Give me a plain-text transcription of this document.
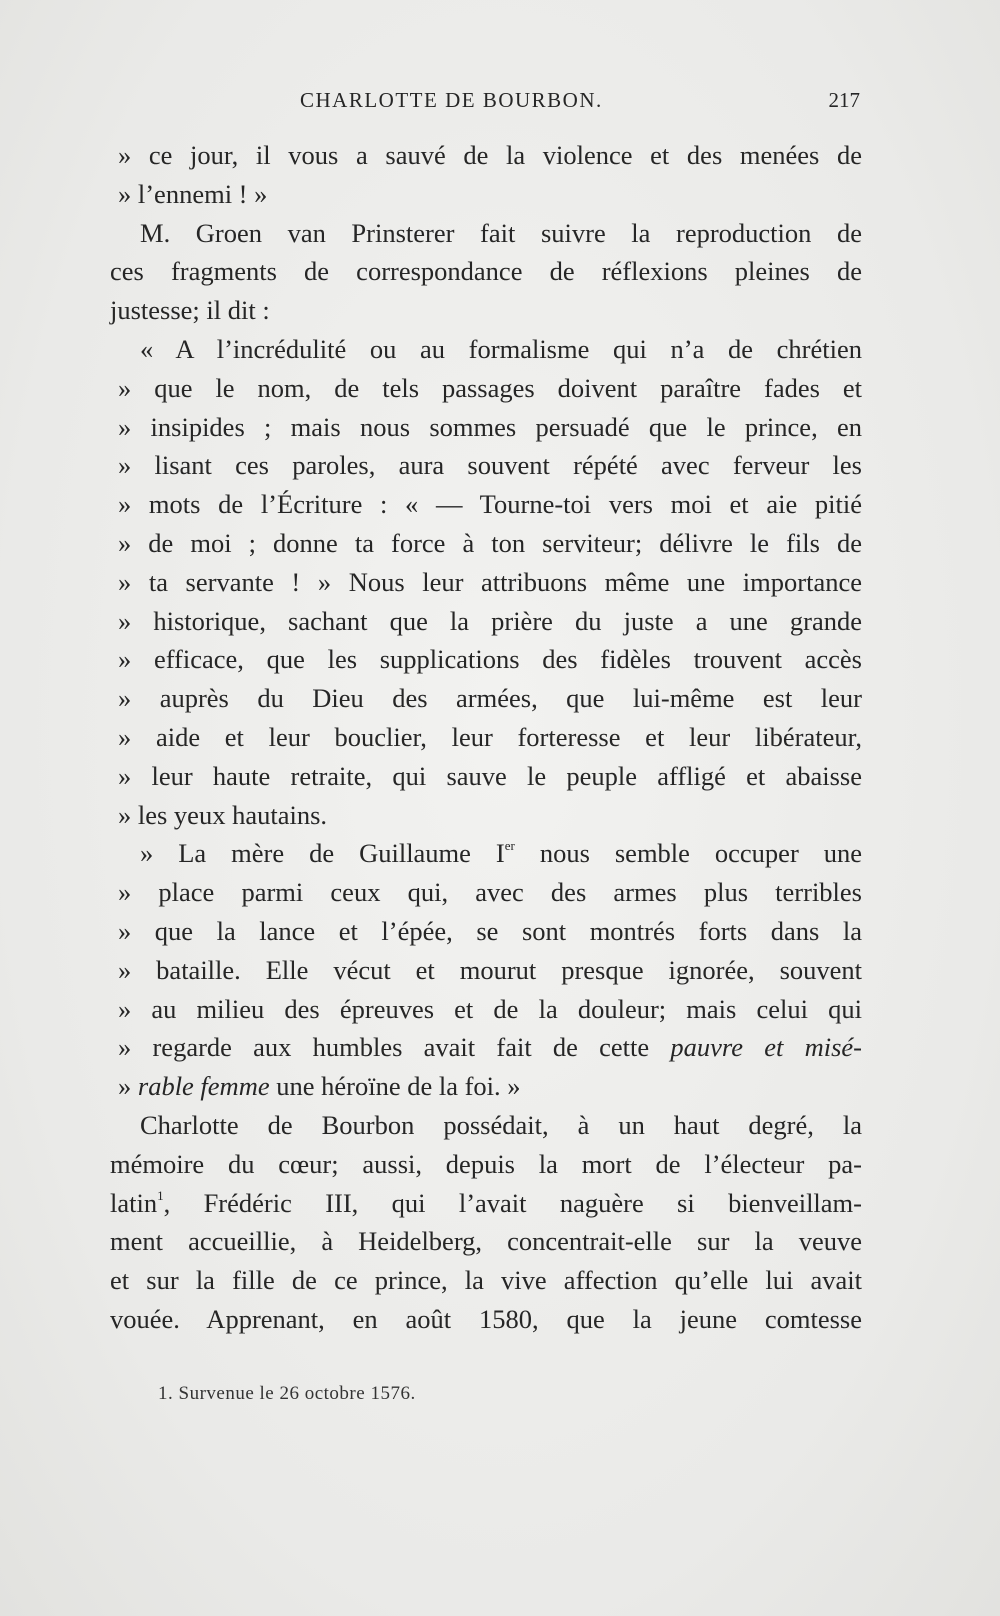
CHARLOTTE DE BOURBON.	217
» ce jour, il vous a sauvé de la violence et des menées de
» l’ennemi ! »
M. Groen van Prinsterer fait suivre la reproduction de
ces fragments de correspondance de réflexions pleines de
justesse; il dit :
« A l’incrédulité ou au formalisme qui n’a de chrétien
» que le nom, de tels passages doivent paraître fades et
» insipides ; mais nous sommes persuadé que le prince, en
» lisant ces paroles, aura souvent répété avec ferveur les
» mots de l’Écriture : « — Tourne-toi vers moi et aie pitié
» de moi ; donne ta force à ton serviteur; délivre le fils de
» ta servante ! » Nous leur attribuons même une importance
» historique, sachant que la prière du juste a une grande
» efficace, que les supplications des fidèles trouvent accès
» auprès du Dieu des armées, que lui-même est leur
» aide et leur bouclier, leur forteresse et leur libérateur,
» leur haute retraite, qui sauve le peuple affligé et abaisse
» les yeux hautains.
» La mère de Guillaume Ier nous semble occuper une
» place parmi ceux qui, avec des armes plus terribles
» que la lance et l’épée, se sont montrés forts dans la
» bataille. Elle vécut et mourut presque ignorée, souvent
» au milieu des épreuves et de la douleur; mais celui qui
» regarde aux humbles avait fait de cette pauvre et misé-
» rable femme une héroïne de la foi. »
Charlotte de Bourbon possédait, à un haut degré, la
mémoire du cœur; aussi, depuis la mort de l’électeur pa-
latin$^1$, Frédéric III, qui l’avait naguère si bienveillam-
ment accueillie, à Heidelberg, concentrait-elle sur la veuve
et sur la fille de ce prince, la vive affection qu’elle lui avait
vouée. Apprenant, en août 1580, que la jeune comtesse
1. Survenue le 26 octobre 1576.
